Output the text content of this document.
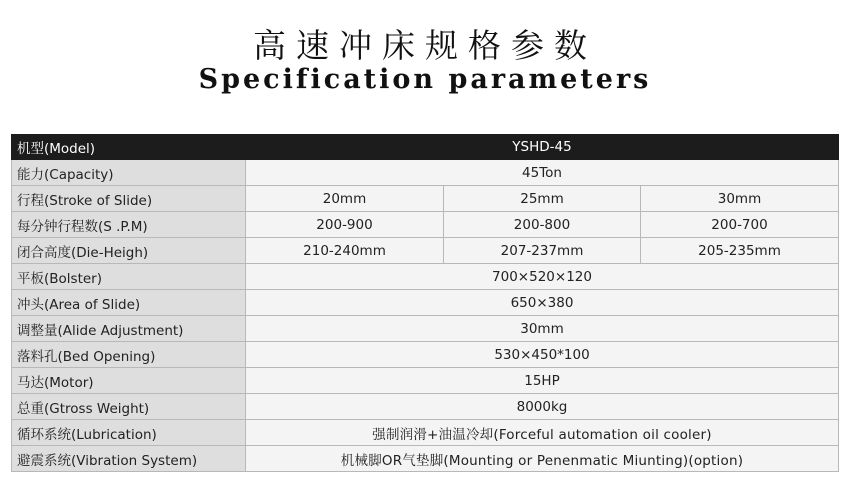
高速冲床规格参数
Specification parameters
机型(Model)	YSHD-45		
能力(Capacity)	45Ton		
行程(Stroke of Slide)	20mm	25mm	30mm
每分钟行程数(S .P.M)	200-900	200-800	200-700
闭合高度(Die-Heigh)	210-240mm	207-237mm	205-235mm
平板(Bolster)	700×520×120		
冲头(Area of Slide)	650×380		
调整量(Alide Adjustment)	30mm		
落料孔(Bed Opening)	530×450*100		
马达(Motor)	15HP		
总重(Gtross Weight)	8000kg		
循环系统(Lubrication)	强制润滑+油温冷却(Forceful automation oil cooler)		
避震系统(Vibration System)	机械脚OR气垫脚(Mounting or Penenmatic Miunting)(option)		
